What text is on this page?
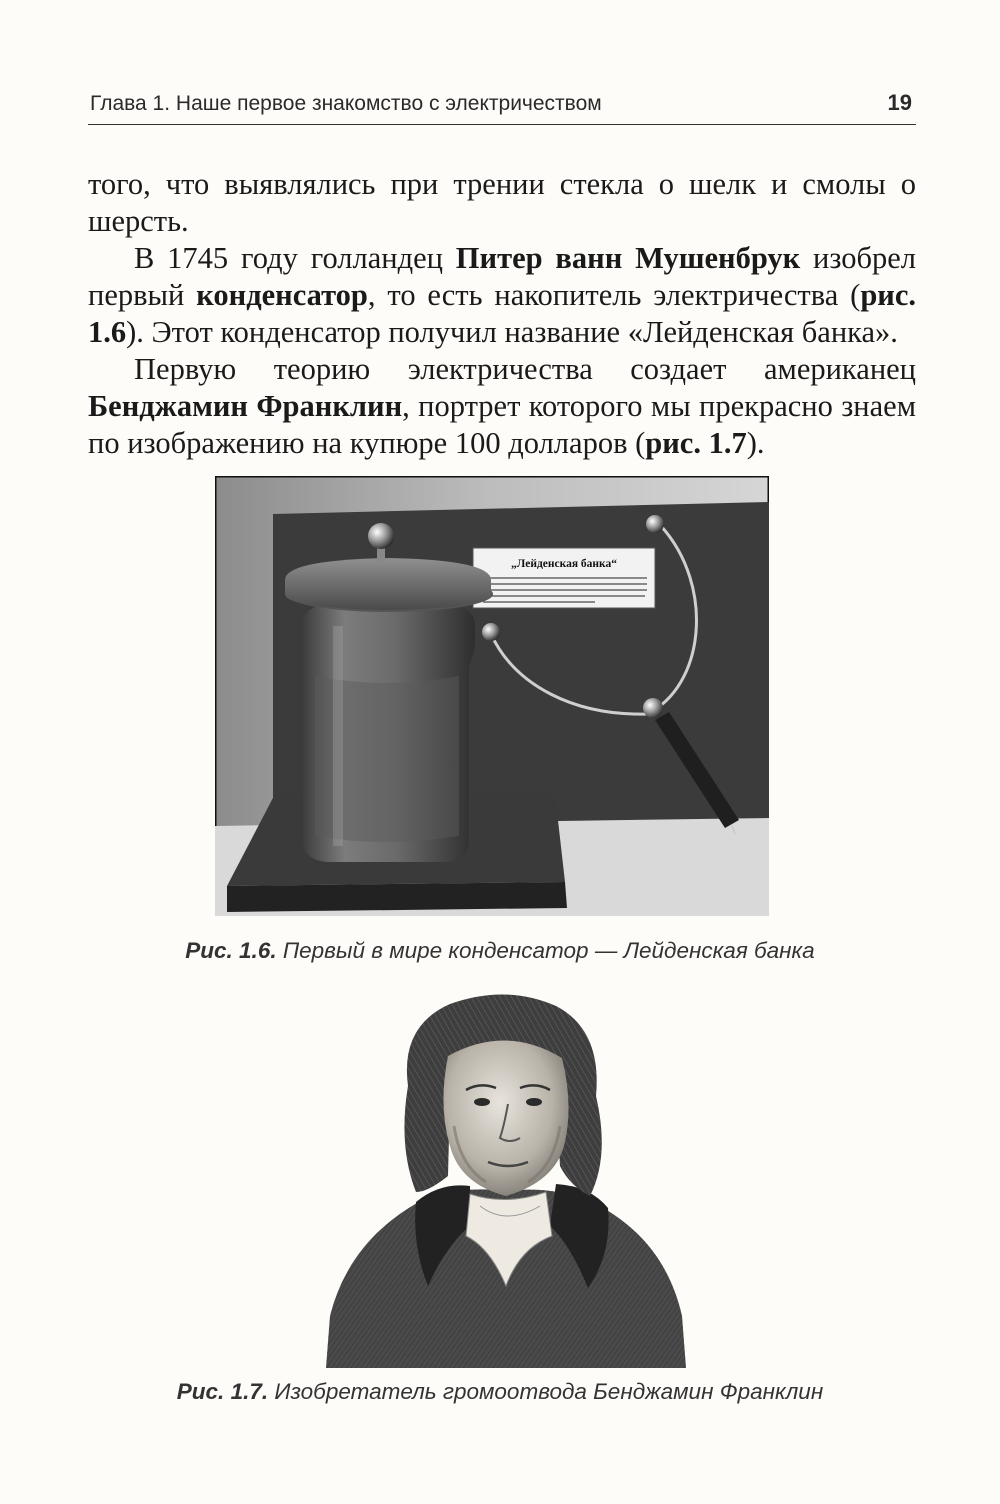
Глава 1. Наше первое знакомство с электричеством	19

того, что выявлялись при трении стекла о шелк и смолы о шерсть.

В 1745 году голландец Питер ванн Мушенбрук изобрел первый конденсатор, то есть накопитель электричества (рис. 1.6). Этот конденсатор получил название «Лейденская банка».

Первую теорию электричества создает американец Бенджамин Франклин, портрет которого мы прекрасно знаем по изображению на купюре 100 долларов (рис. 1.7).

„Лейденская банка“
Рис. 1.6. Первый в мире конденсатор — Лейденская банка
Рис. 1.7. Изобретатель громоотвода Бенджамин Франклин
